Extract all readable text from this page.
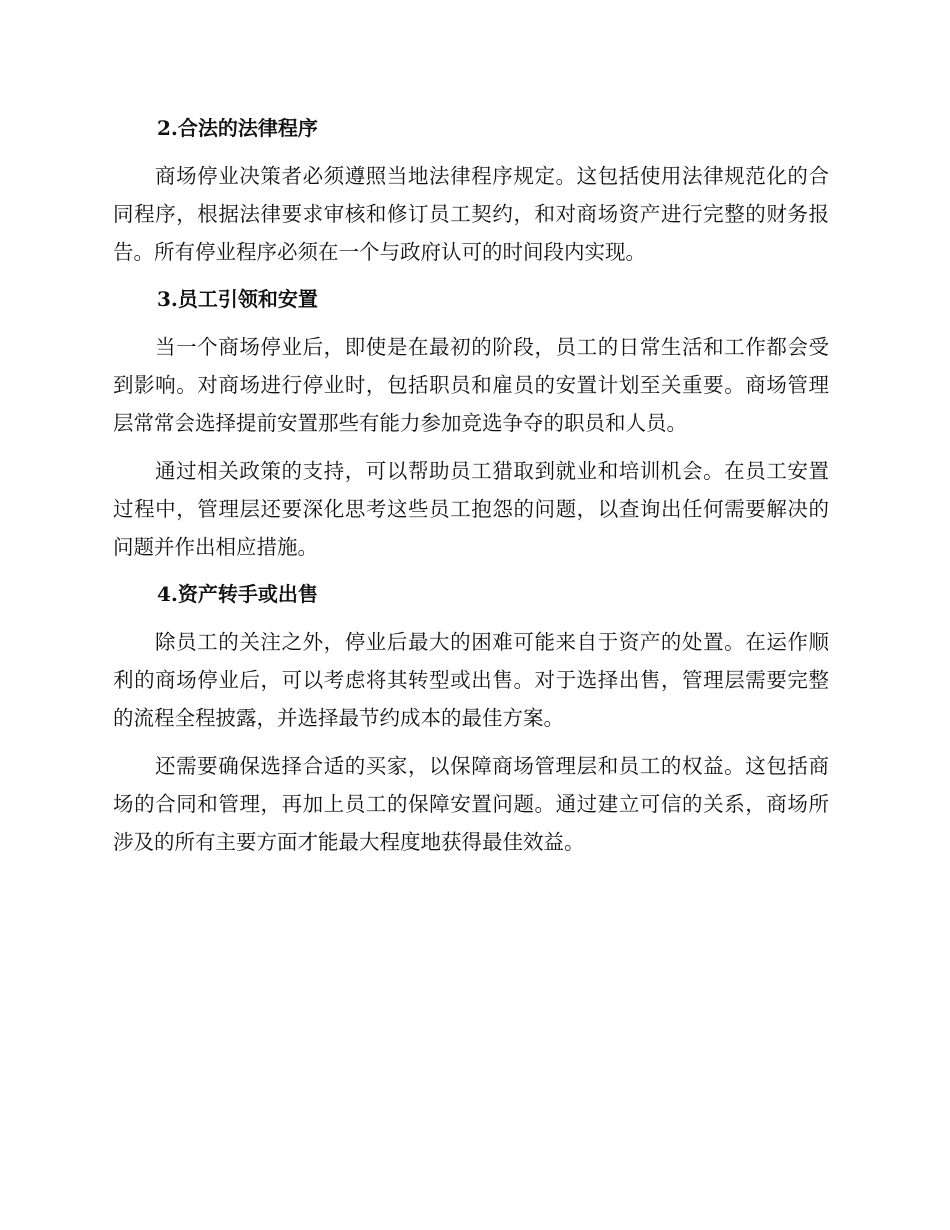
2.合法的法律程序

商场停业决策者必须遵照当地法律程序规定。这包括使用法律规范化的合同程序，根据法律要求审核和修订员工契约，和对商场资产进行完整的财务报告。所有停业程序必须在一个与政府认可的时间段内实现。

3.员工引领和安置

当一个商场停业后，即使是在最初的阶段，员工的日常生活和工作都会受到影响。对商场进行停业时，包括职员和雇员的安置计划至关重要。商场管理层常常会选择提前安置那些有能力参加竞选争夺的职员和人员。

通过相关政策的支持，可以帮助员工猎取到就业和培训机会。在员工安置过程中，管理层还要深化思考这些员工抱怨的问题，以查询出任何需要解决的问题并作出相应措施。

4.资产转手或出售

除员工的关注之外，停业后最大的困难可能来自于资产的处置。在运作顺利的商场停业后，可以考虑将其转型或出售。对于选择出售，管理层需要完整的流程全程披露，并选择最节约成本的最佳方案。

还需要确保选择合适的买家，以保障商场管理层和员工的权益。这包括商场的合同和管理，再加上员工的保障安置问题。通过建立可信的关系，商场所涉及的所有主要方面才能最大程度地获得最佳效益。
